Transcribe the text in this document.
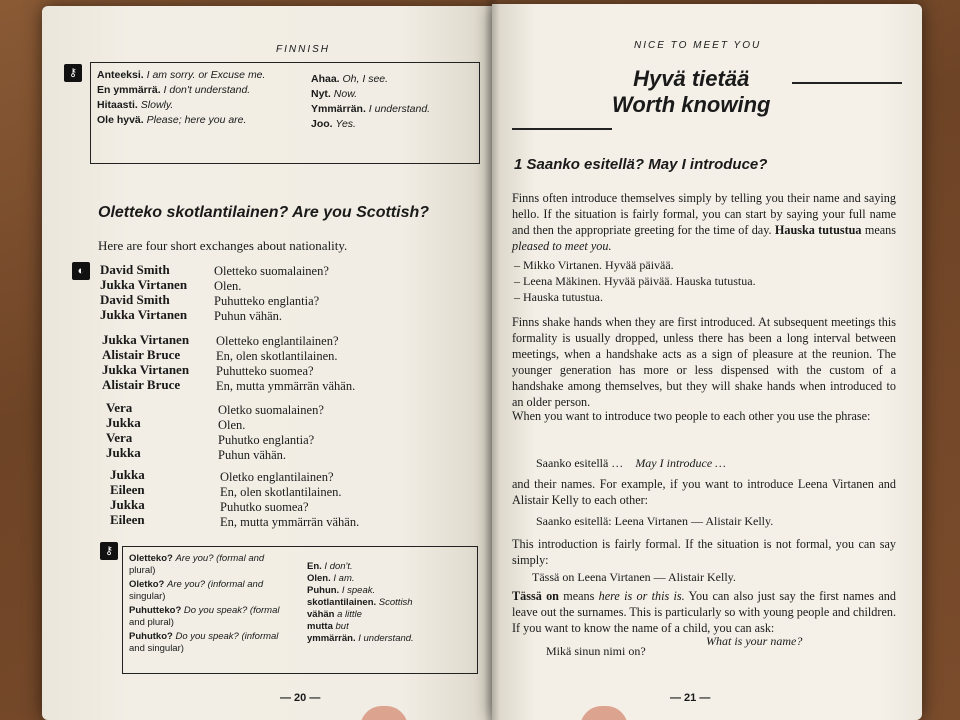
FINNISH
⚷	Anteeksi. I am sorry. or Excuse me.
En ymmärrä. I don't understand.
Hitaasti. Slowly.
Ole hyvä. Please; here you are.
Ahaa. Oh, I see.
Nyt. Now.
Ymmärrän. I understand.
Joo. Yes.
Oletteko skotlantilainen? Are you Scottish?
Here are four short exchanges about nationality.
◐	David Smith	Oletteko suomalainen?
Jukka Virtanen Olen.
David Smith	Puhutteko englantia?
Jukka Virtanen Puhun vähän.
Jukka Virtanen Oletteko englantilainen?
Alistair Bruce	En, olen skotlantilainen.
Jukka Virtanen Puhutteko suomea?
Alistair Bruce	En, mutta ymmärrän vähän.
Vera	Oletko suomalainen?
Jukka	Olen.
Vera	Puhutko englantia?
Jukka	Puhun vähän.
Jukka	Oletko englantilainen?
Eileen	En, olen skotlantilainen.
Jukka	Puhutko suomea?
Eileen	En, mutta ymmärrän vähän.
⚷
Oletteko? Are you? (formal and
plural)
Oletko? Are you? (informal and
singular)
Puhutteko? Do you speak? (formal
and plural)
Puhutko? Do you speak? (informal
and singular)
En. I don't.
Olen. I am.
Puhun. I speak.
skotlantilainen. Scottish
vähän a little
mutta but
ymmärrän. I understand.
— 20 —
NICE TO MEET YOU
Hyvä tietää
Worth knowing
1 Saanko esitellä? May I introduce?
Finns often introduce themselves simply by telling you their name and saying hello. If the situation is fairly formal, you can start by saying your full name and then the appropriate greeting for the time of day. Hauska tutustua means pleased to meet you.
– Mikko Virtanen. Hyvää päivää.
– Leena Mäkinen. Hyvää päivää. Hauska tutustua.
– Hauska tutustua.
Finns shake hands when they are first introduced. At subsequent meetings this formality is usually dropped, unless there has been a long interval between meetings, when a handshake acts as a sign of pleasure at the reunion. The younger generation has more or less dispensed with the custom of a handshake among themselves, but they will shake hands when introduced to an older person.
When you want to introduce two people to each other you use the phrase:
Saanko esitellä … May I introduce …
and their names. For example, if you want to introduce Leena Virtanen and Alistair Kelly to each other:
Saanko esitellä: Leena Virtanen — Alistair Kelly.
This introduction is fairly formal. If the situation is not formal, you can say simply:
Tässä on Leena Virtanen — Alistair Kelly.
Tässä on means here is or this is. You can also just say the first names and leave out the surnames. This is particularly so with young people and children. If you want to know the name of a child, you can ask:
Mikä sinun nimi on?
What is your name?
— 21 —
